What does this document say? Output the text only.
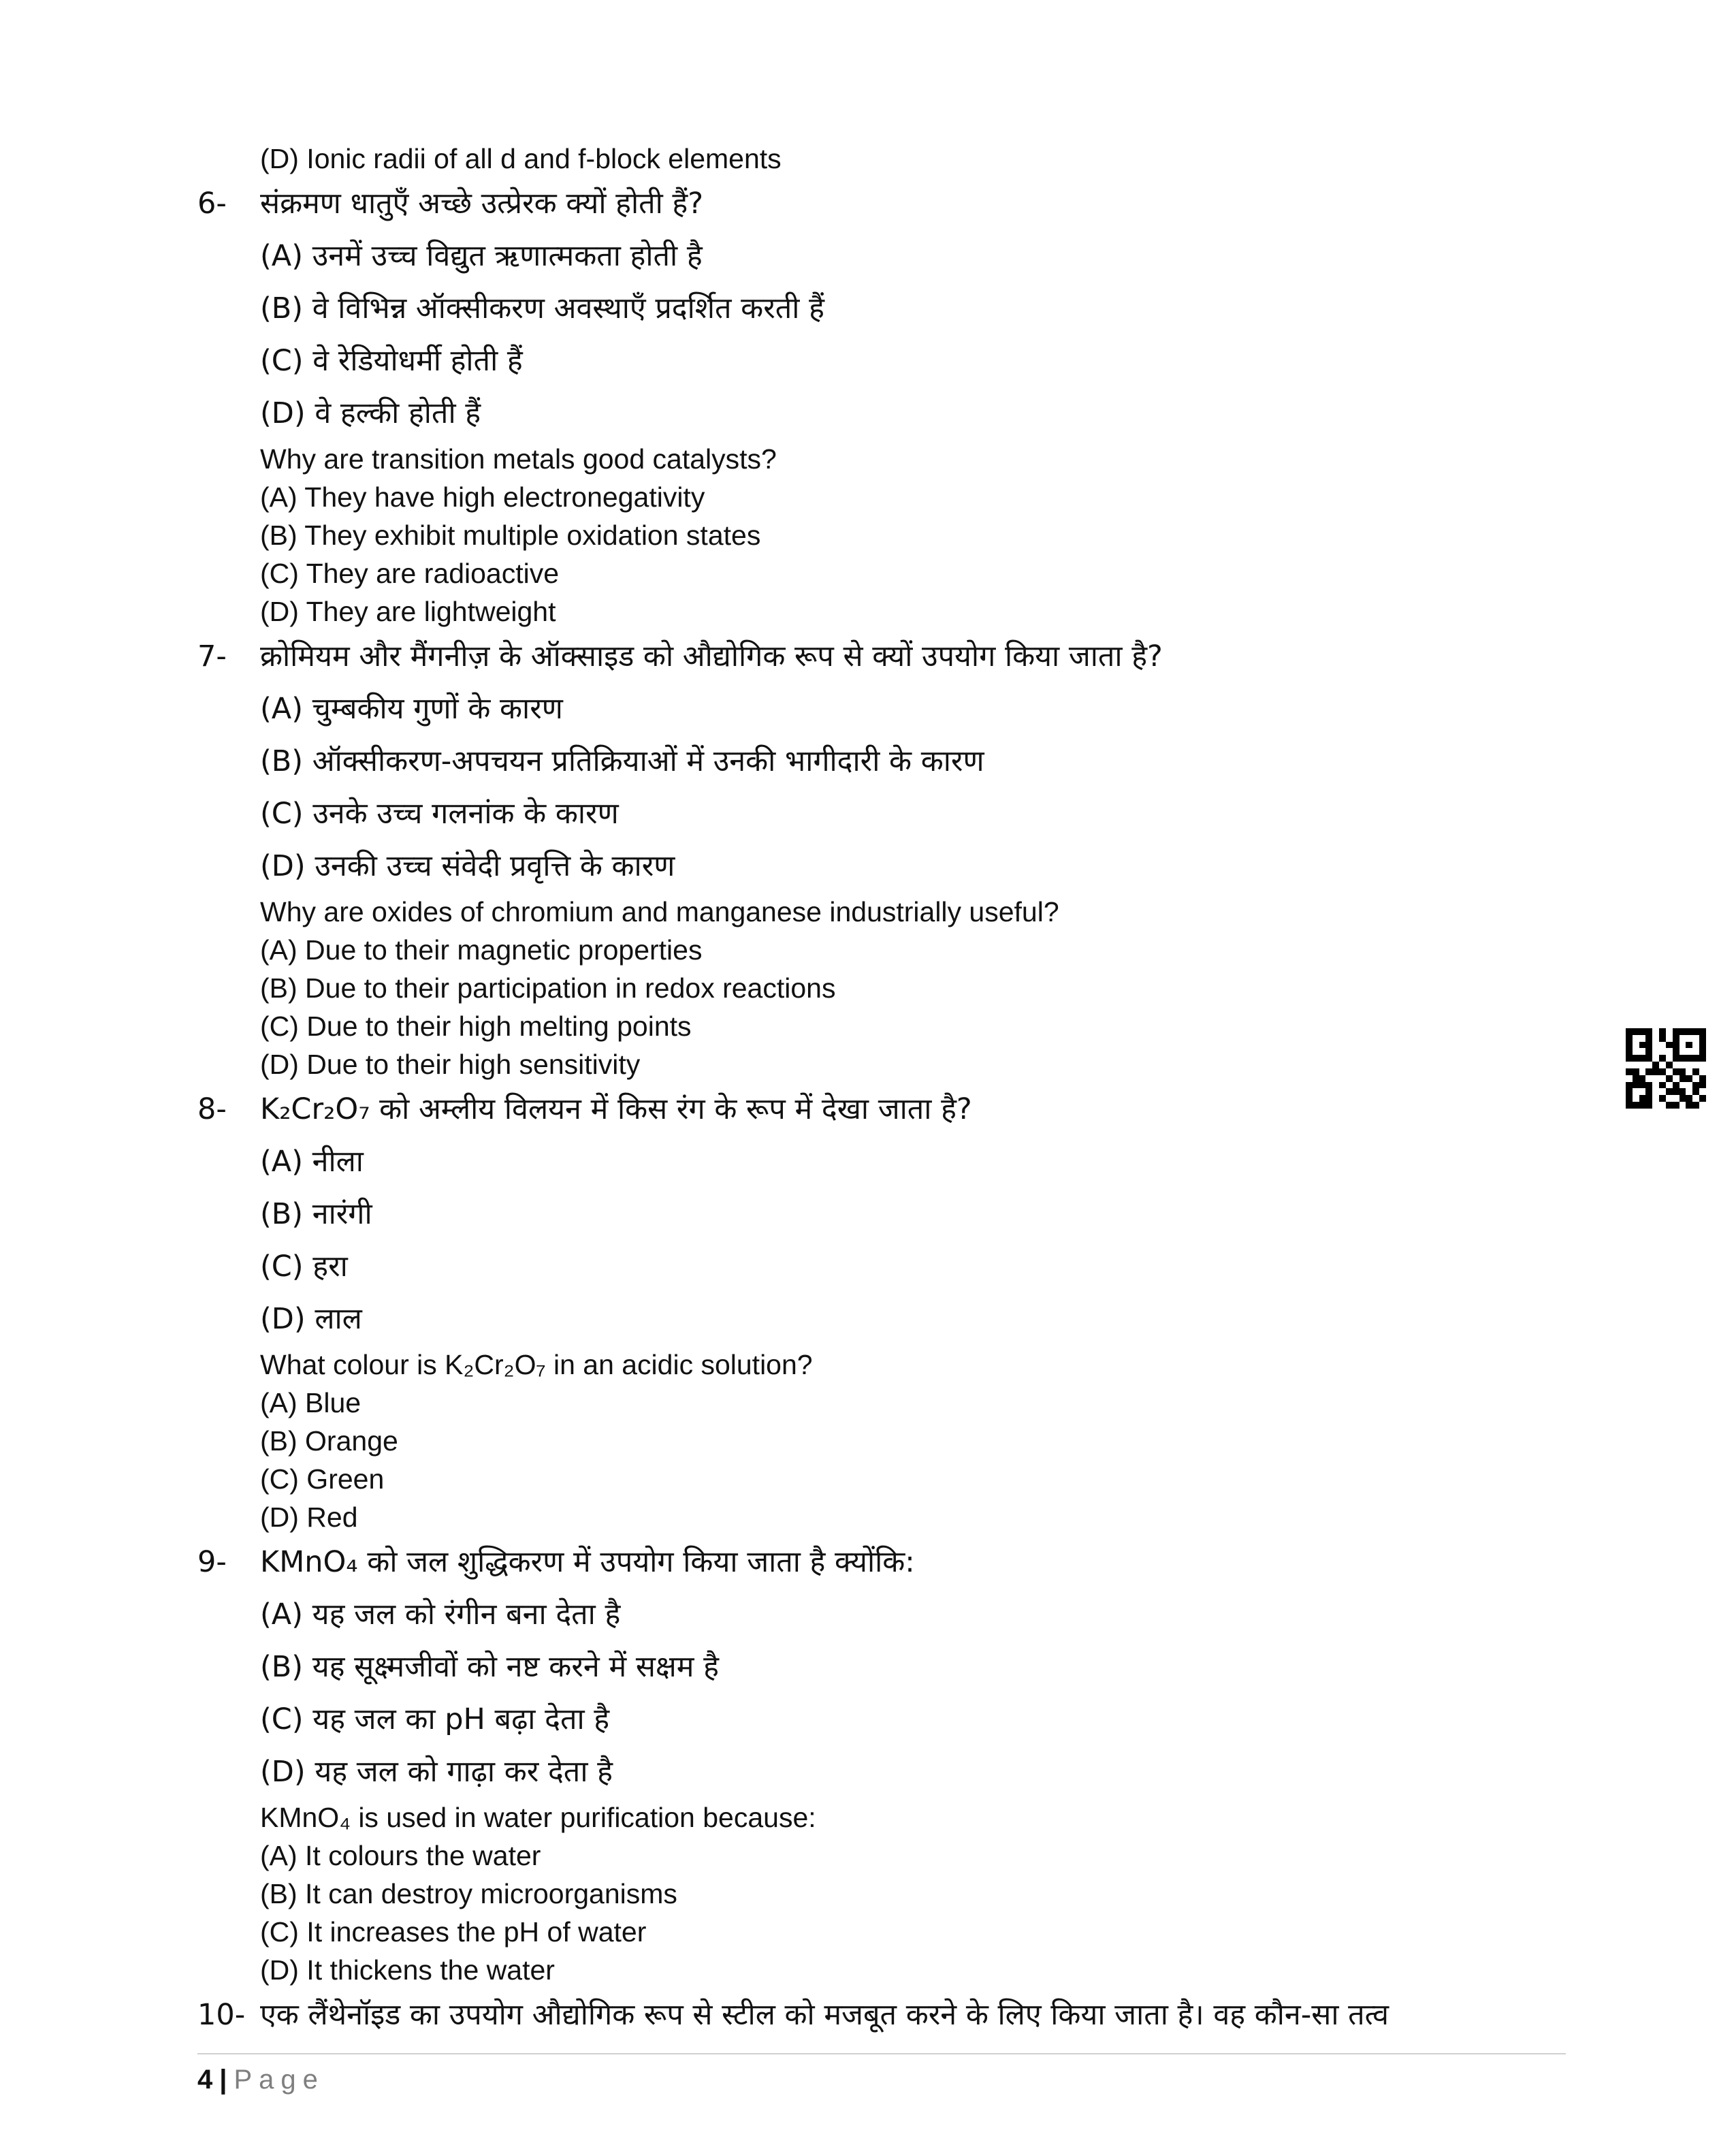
(D) Ionic radii of all d and f-block elements
6- संक्रमण धातुएँ अच्छे उत्प्रेरक क्यों होती हैं?
(A) उनमें उच्च विद्युत ऋणात्मकता होती है
(B) वे विभिन्न ऑक्सीकरण अवस्थाएँ प्रदर्शित करती हैं
(C) वे रेडियोधर्मी होती हैं
(D) वे हल्की होती हैं
Why are transition metals good catalysts?
(A) They have high electronegativity
(B) They exhibit multiple oxidation states
(C) They are radioactive
(D) They are lightweight
7- क्रोमियम और मैंगनीज़ के ऑक्साइड को औद्योगिक रूप से क्यों उपयोग किया जाता है?
(A) चुम्बकीय गुणों के कारण
(B) ऑक्सीकरण-अपचयन प्रतिक्रियाओं में उनकी भागीदारी के कारण
(C) उनके उच्च गलनांक के कारण
(D) उनकी उच्च संवेदी प्रवृत्ति के कारण
Why are oxides of chromium and manganese industrially useful?
(A) Due to their magnetic properties
(B) Due to their participation in redox reactions
(C) Due to their high melting points
(D) Due to their high sensitivity
8- K₂Cr₂O₇ को अम्लीय विलयन में किस रंग के रूप में देखा जाता है?
(A) नीला
(B) नारंगी
(C) हरा
(D) लाल
What colour is K₂Cr₂O₇ in an acidic solution?
(A) Blue
(B) Orange
(C) Green
(D) Red
9- KMnO₄ को जल शुद्धिकरण में उपयोग किया जाता है क्योंकि:
(A) यह जल को रंगीन बना देता है
(B) यह सूक्ष्मजीवों को नष्ट करने में सक्षम है
(C) यह जल का pH बढ़ा देता है
(D) यह जल को गाढ़ा कर देता है
KMnO₄ is used in water purification because:
(A) It colours the water
(B) It can destroy microorganisms
(C) It increases the pH of water
(D) It thickens the water
10- एक लैंथेनॉइड का उपयोग औद्योगिक रूप से स्टील को मजबूत करने के लिए किया जाता है। वह कौन-सा तत्व
4 | Page
